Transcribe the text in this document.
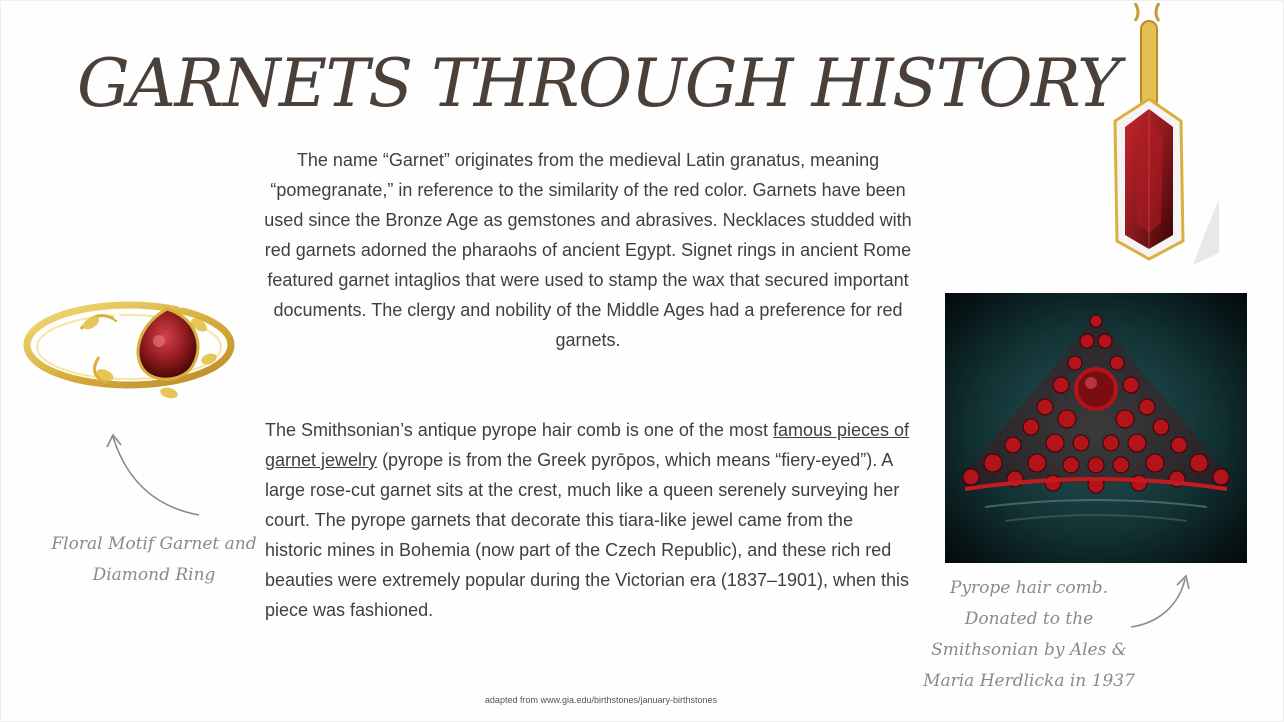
GARNETS THROUGH HISTORY

The name “Garnet” originates from the medieval Latin granatus, meaning “pomegranate,” in reference to the similarity of the red color. Garnets have been used since the Bronze Age as gemstones and abrasives. Necklaces studded with red garnets adorned the pharaohs of ancient Egypt. Signet rings in ancient Rome featured garnet intaglios that were used to stamp the wax that secured important documents. The clergy and nobility of the Middle Ages had a preference for red garnets.

The Smithsonian’s antique pyrope hair comb is one of the most famous pieces of garnet jewelry (pyrope is from the Greek pyrōpos, which means “fiery-eyed”). A large rose-cut garnet sits at the crest, much like a queen serenely surveying her court. The pyrope garnets that decorate this tiara-like jewel came from the historic mines in Bohemia (now part of the Czech Republic), and these rich red beauties were extremely popular during the Victorian era (1837–1901), when this piece was fashioned.

Floral Motif Garnet and
Diamond Ring
Pyrope hair comb.
Donated to the
Smithsonian by Ales &
Maria Herdlicka in 1937
adapted from www.gia.edu/birthstones/january-birthstones
